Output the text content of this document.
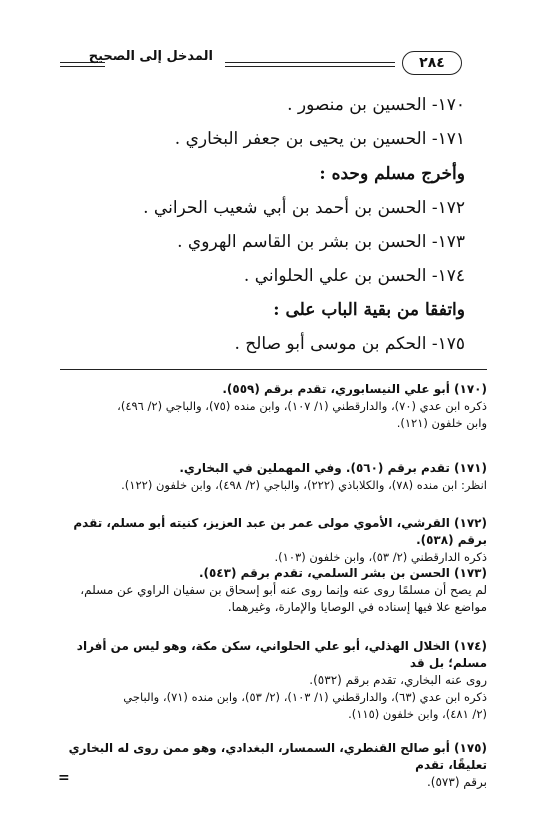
المدخل إلى الصحيح	٢٨٤
١٧٠- الحسين بن منصور .
١٧١- الحسين بن يحيى بن جعفر البخاري .
وأخرج مسلم وحده :
١٧٢- الحسن بن أحمد بن أبي شعيب الحراني .
١٧٣- الحسن بن بشر بن القاسم الهروي .
١٧٤- الحسن بن علي الحلواني .
واتفقا من بقية الباب على :
١٧٥- الحكم بن موسى أبو صالح .

(١٧٠) أبو علي النيسابوري، تقدم برقم (٥٥٩).

ذكره ابن عدي (٧٠)، والدارقطني (١/ ١٠٧)، وابن منده (٧٥)، والباجي (٢/ ٤٩٦)،

وابن خلفون (١٢١).

(١٧١) تقدم برقم (٥٦٠). وفي المهملين في البخاري.

انظر: ابن منده (٧٨)، والكلاباذي (٢٢٢)، والباجي (٢/ ٤٩٨)، وابن خلفون (١٢٢).

(١٧٢) القرشي، الأموي مولى عمر بن عبد العزيز، كنيته أبو مسلم، تقدم برقم (٥٣٨).

ذكره الدارقطني (٢/ ٥٣)، وابن خلفون (١٠٣).

(١٧٣) الحسن بن بشر السلمي، تقدم برقم (٥٤٣).

لم يصح أن مسلمًا روى عنه وإنما روى عنه أبو إسحاق بن سفيان الراوي عن مسلم،

مواضع علا فيها إسناده في الوصايا والإمارة، وغيرهما.

(١٧٤) الخلال الهذلي، أبو علي الحلواني، سكن مكة، وهو ليس من أفراد مسلم؛ بل قد

روى عنه البخاري، تقدم برقم (٥٣٢).

ذكره ابن عدي (٦٣)، والدارقطني (١/ ١٠٣)، (٢/ ٥٣)، وابن منده (٧١)، والباجي

(٢/ ٤٨١)، وابن خلفون (١١٥).

(١٧٥) أبو صالح القنطري، السمسار، البغدادي، وهو ممن روى له البخاري تعليقًا، تقدم

برقم (٥٧٣).

=
